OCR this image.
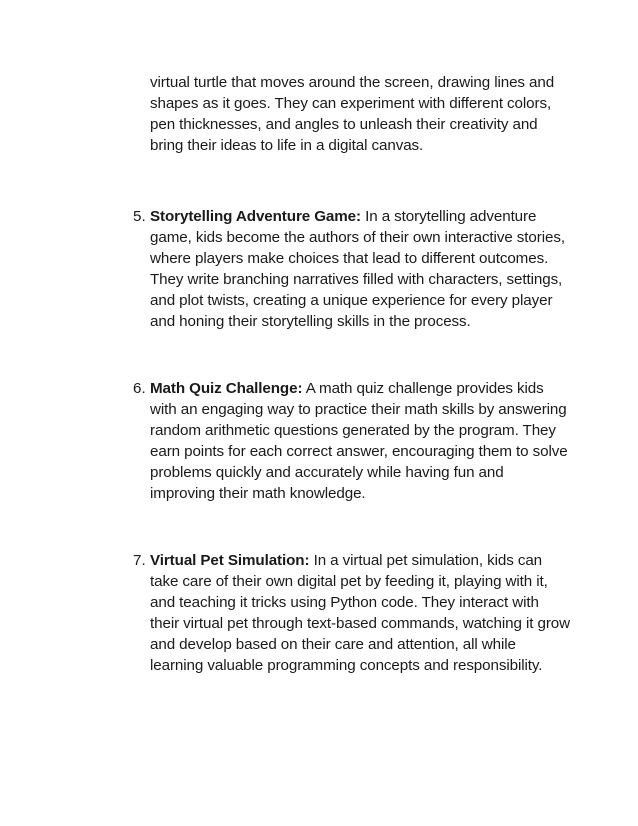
virtual turtle that moves around the screen, drawing lines and shapes as it goes. They can experiment with different colors, pen thicknesses, and angles to unleash their creativity and bring their ideas to life in a digital canvas.

5. Storytelling Adventure Game: In a storytelling adventure game, kids become the authors of their own interactive stories, where players make choices that lead to different outcomes. They write branching narratives filled with characters, settings, and plot twists, creating a unique experience for every player and honing their storytelling skills in the process.

6. Math Quiz Challenge: A math quiz challenge provides kids with an engaging way to practice their math skills by answering random arithmetic questions generated by the program. They earn points for each correct answer, encouraging them to solve problems quickly and accurately while having fun and improving their math knowledge.

7. Virtual Pet Simulation: In a virtual pet simulation, kids can take care of their own digital pet by feeding it, playing with it, and teaching it tricks using Python code. They interact with their virtual pet through text-based commands, watching it grow and develop based on their care and attention, all while learning valuable programming concepts and responsibility.
